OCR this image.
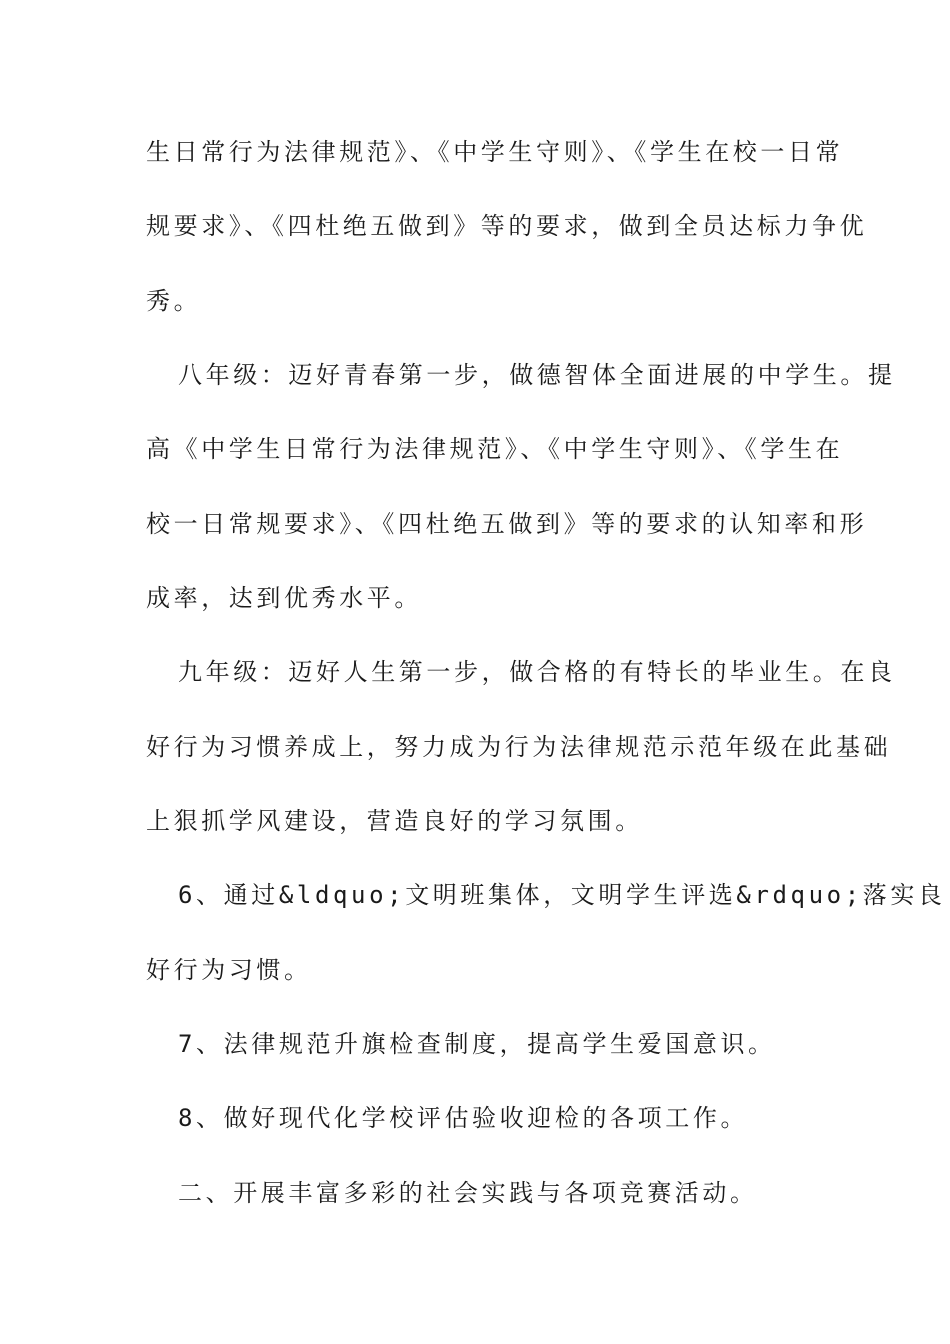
生日常行为法律规范》、《中学生守则》、《学生在校一日常
规要求》、《四杜绝五做到》等的要求，做到全员达标力争优
秀。
八年级：迈好青春第一步，做德智体全面进展的中学生。提
高《中学生日常行为法律规范》、《中学生守则》、《学生在
校一日常规要求》、《四杜绝五做到》等的要求的认知率和形
成率，达到优秀水平。
九年级：迈好人生第一步，做合格的有特长的毕业生。在良
好行为习惯养成上，努力成为行为法律规范示范年级在此基础
上狠抓学风建设，营造良好的学习氛围。
6、通过&ldquo;文明班集体，文明学生评选&rdquo;落实良
好行为习惯。
7、法律规范升旗检查制度，提高学生爱国意识。
8、做好现代化学校评估验收迎检的各项工作。
二、开展丰富多彩的社会实践与各项竞赛活动。
